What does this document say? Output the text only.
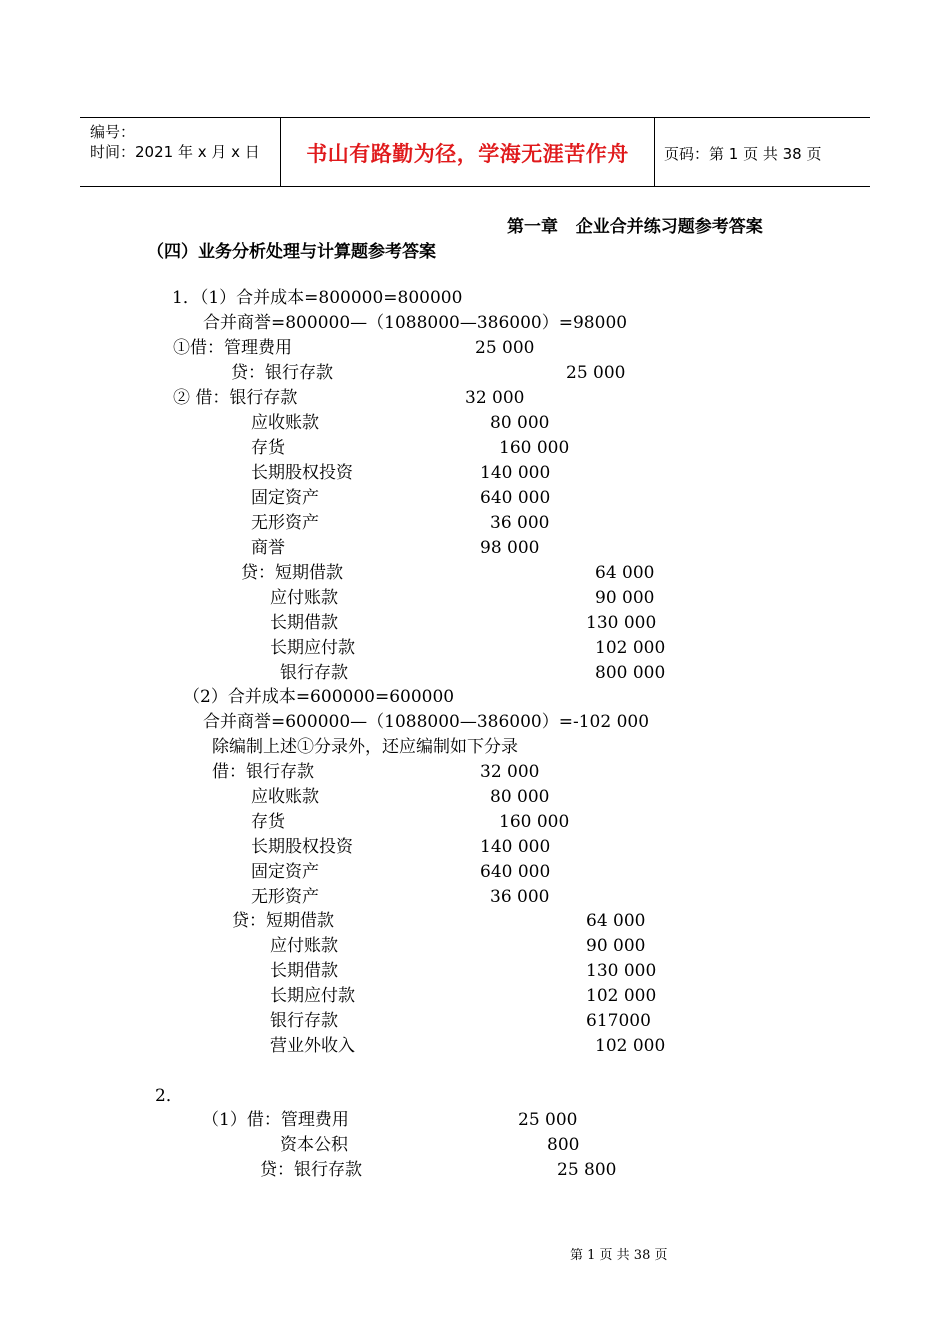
编号：
时间：2021 年 x 月 x 日	书山有路勤为径，学海无涯苦作舟	页码：第 1 页 共 38 页
第一章   企业合并练习题参考答案
（四）业务分析处理与计算题参考答案
1．（1）合并成本=800000=800000
合并商誉=800000—（1088000—386000）=98000
①借：管理费用	25 000
贷：银行存款	25 000
② 借：银行存款	32 000
应收账款	80 000
存货	160 000
长期股权投资	140 000
固定资产	640 000
无形资产	36 000
商誉	98 000
贷：短期借款	64 000
应付账款	90 000
长期借款	130 000
长期应付款	102 000
银行存款	800 000
（2）合并成本=600000=600000
合并商誉=600000—（1088000—386000）=-102 000
除编制上述①分录外，还应编制如下分录
借：银行存款	32 000
应收账款	80 000
存货	160 000
长期股权投资	140 000
固定资产	640 000
无形资产	36 000
贷：短期借款	64 000
应付账款	90 000
长期借款	130 000
长期应付款	102 000
银行存款	617000
营业外收入	102 000
2．
（1）借：管理费用	25 000
资本公积	800
贷：银行存款	25 800
第 1 页 共 38 页
